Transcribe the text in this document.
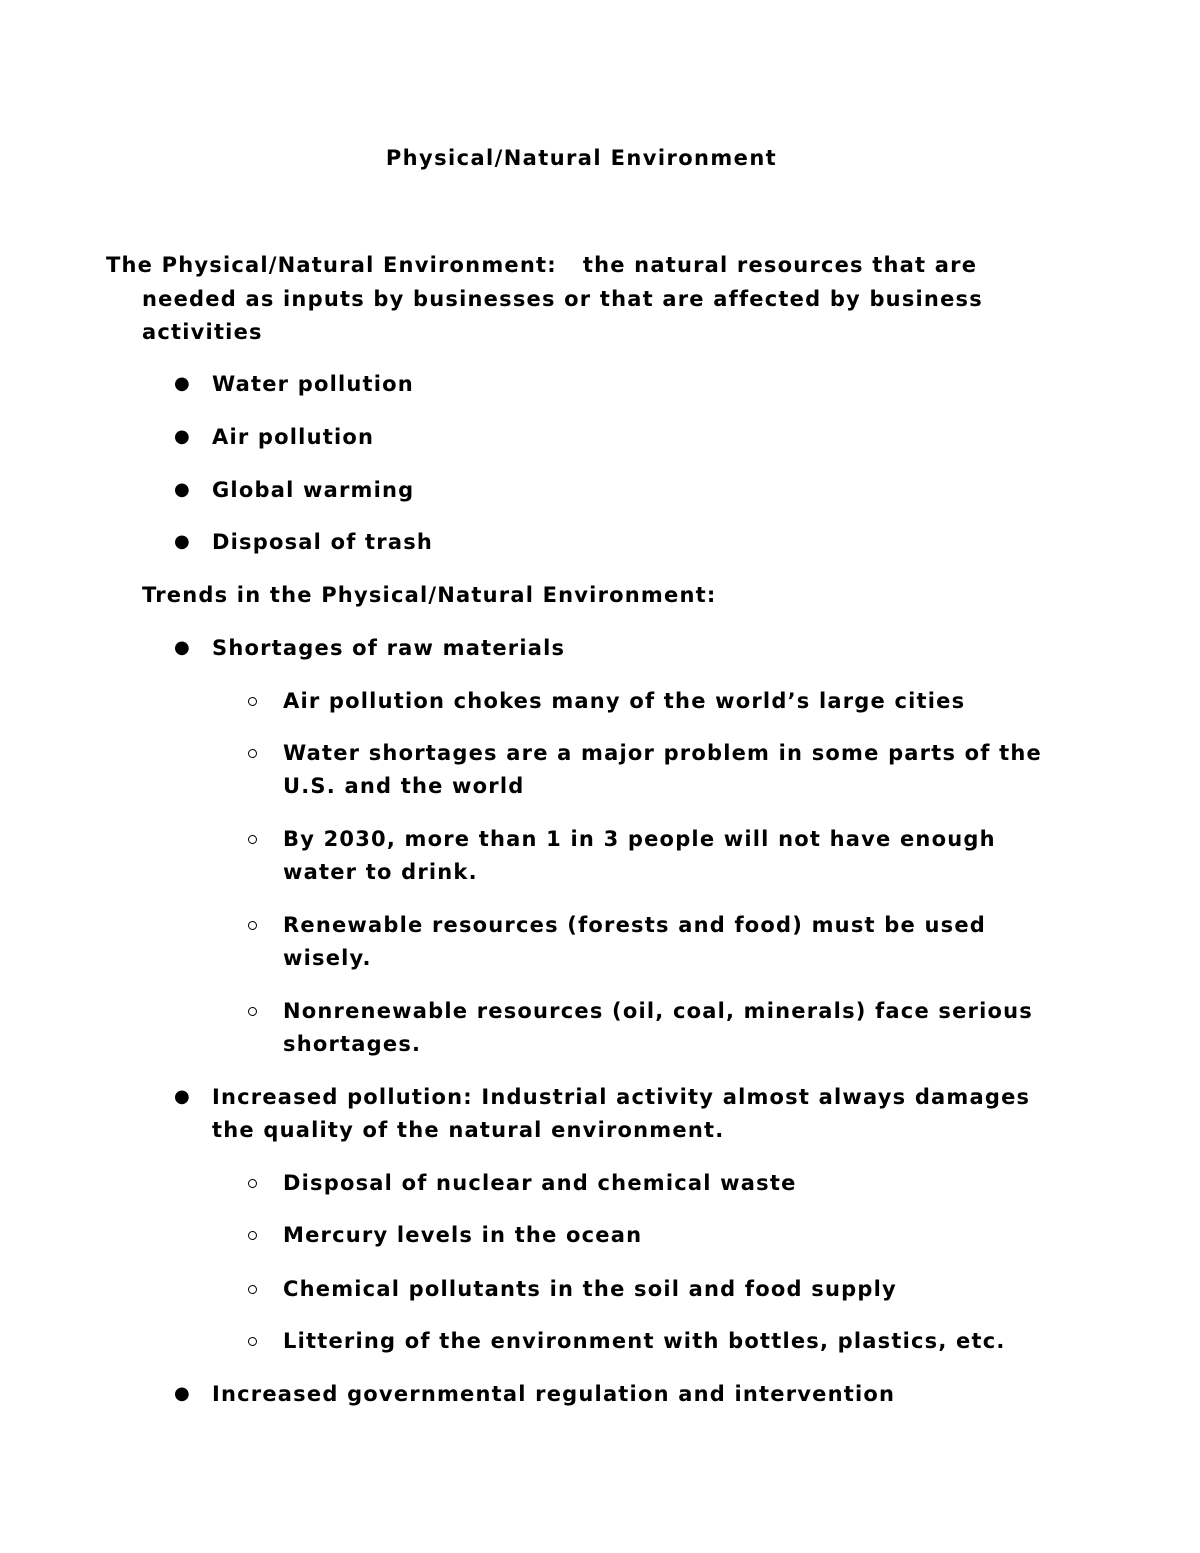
Physical/Natural Environment
The Physical/Natural Environment: the natural resources that are
needed as inputs by businesses or that are affected by business
activities
● Water pollution
● Air pollution
● Global warming
● Disposal of trash
Trends in the Physical/Natural Environment:
● Shortages of raw materials
Air pollution chokes many of the world’s large cities
Water shortages are a major problem in some parts of the
U.S. and the world
By 2030, more than 1 in 3 people will not have enough
water to drink.
Renewable resources (forests and food) must be used
wisely.
Nonrenewable resources (oil, coal, minerals) face serious
shortages.
● Increased pollution: Industrial activity almost always damages
the quality of the natural environment.
Disposal of nuclear and chemical waste
Mercury levels in the ocean
Chemical pollutants in the soil and food supply
Littering of the environment with bottles, plastics, etc.
● Increased governmental regulation and intervention
